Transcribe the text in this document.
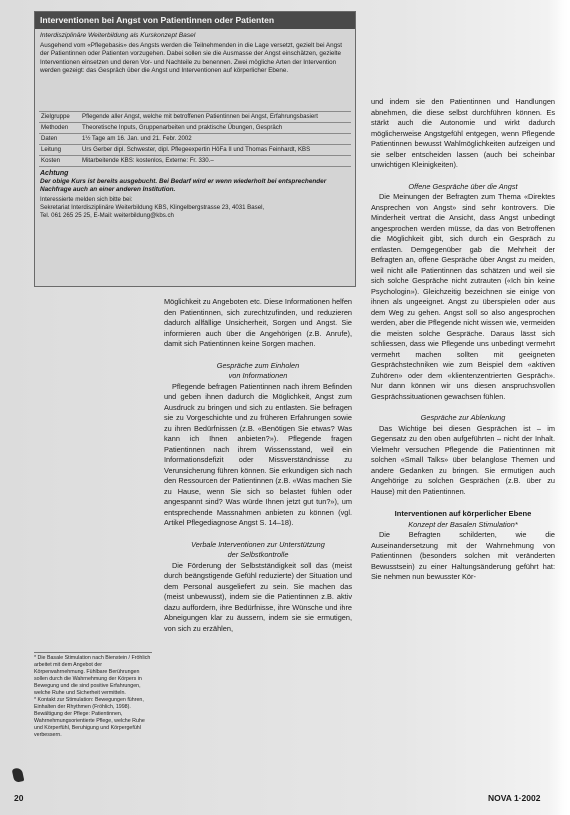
Interventionen bei Angst von Patientinnen oder Patienten
Interdisziplinäre Weiterbildung als Kurskonzept Basel
Ausgehend vom «Pflegebasis» des Angsts werden die Teilnehmenden in die Lage versetzt, gezielt bei Angst der Patientinnen oder Patienten vorzugehen. Dabei sollen sie die Ausmasse der Angst einschätzen, gezielte Interventionen einsetzen und deren Vor- und Nachteile zu benennen. Zwei mögliche Arten der Intervention werden gezeigt: das Gespräch über die Angst und Interventionen auf körperlicher Ebene.
Zielgruppe	Pflegende aller Angst, welche mit betroffenen Patientinnen bei Angst, Erfahrungsbasiert
Methoden	Theoretische Inputs, Gruppenarbeiten und praktische Übungen, Gespräch
Daten	1½ Tage am 16. Jan. und 21. Febr. 2002
Leitung	Urs Gerber dipl. Schwester, dipl. Pflegeexpertin HöFa II und Thomas Feinhardt, KBS
Kosten	Mitarbeitende KBS: kostenlos, Externe: Fr. 330.–
Achtung
Der obige Kurs ist bereits ausgebucht. Bei Bedarf wird er wenn wiederholt bei entsprechender Nachfrage auch an einer anderen Institution.
Interessierte melden sich bitte bei:
Sekretariat Interdisziplinäre Weiterbildung KBS, Klingelbergstrasse 23, 4031 Basel,
Tel. 061 265 25 25, E-Mail: weiterbildung@kbs.ch

Möglichkeit zu Angeboten etc. Diese Informationen helfen den Patientinnen, sich zurechtzufinden, und reduzieren dadurch allfällige Unsicherheit, Sorgen und Angst. Sie informieren auch über die Angehörigen (z.B. Anrufe), damit sich Patientinnen keine Sorgen machen.

Gespräche zum Einholen

von Informationen

Pflegende befragen Patientinnen nach ihrem Befinden und geben ihnen dadurch die Möglichkeit, Angst zum Ausdruck zu bringen und sich zu entlasten. Sie befragen sie zu Vorgeschichte und zu früheren Erfahrungen sowie zu ihren Bedürfnissen (z.B. «Benötigen Sie etwas? Was kann ich Ihnen anbieten?»). Pflegende fragen Patientinnen nach ihrem Wissensstand, weil ein Informationsdefizit oder Missverständnisse zu Verunsicherung führen können. Sie erkundigen sich nach den Ressourcen der Patientinnen (z.B. «Was machen Sie zu Hause, wenn Sie sich so belastet fühlen oder angespannt sind? Was würde Ihnen jetzt gut tun?»), um entsprechende Massnahmen anbieten zu können (vgl. Artikel Pflegediagnose Angst S. 14–18).

Verbale Interventionen zur Unterstützung

der Selbstkontrolle

Die Förderung der Selbstständigkeit soll das (meist durch beängstigende Gefühl reduzierte) der Situation und dem Personal ausgeliefert zu sein. Sie machen das (meist unbewusst), indem sie die Patientinnen z.B. aktiv dazu auffordern, ihre Bedürfnisse, ihre Wünsche und ihre Abneigungen klar zu äussern, indem sie sie ermutigen, von sich zu erzählen,

und indem sie den Patientinnen und Handlungen abnehmen, die diese selbst durchführen können. Es stärkt auch die Autonomie und wirkt dadurch möglicherweise Angstgefühl entgegen, wenn Pflegende Patientinnen bewusst Wahlmöglichkeiten aufzeigen und sie selber entscheiden lassen (auch bei scheinbar unwichtigen Kleinigkeiten).

Offene Gespräche über die Angst

Die Meinungen der Befragten zum Thema «Direktes Ansprechen von Angst» sind sehr kontrovers. Die Minderheit vertrat die Ansicht, dass Angst unbedingt angesprochen werden müsse, da das von Betroffenen die Möglichkeit gibt, sich durch ein Gespräch zu entlasten. Demgegenüber gab die Mehrheit der Befragten an, offene Gespräche über Angst zu meiden, weil nicht alle Patientinnen das schätzen und weil sie sich solche Gespräche nicht zutrauten («Ich bin keine Psychologin»). Gleichzeitig bezeichnen sie einige von ihnen als ungeeignet. Angst zu überspielen oder aus dem Weg zu gehen. Angst soll so also angesprochen werden, aber die Pflegende nicht wissen wie, vermeiden die meisten solche Gespräche. Daraus lässt sich schliessen, dass wie Pflegende uns unbedingt vermehrt vermehrt machen sollten mit geeigneten Gesprächstechniken wie zum Beispiel dem «aktiven Zuhören» oder dem «klientenzentrierten Gespräch». Nur dann können wir uns diesen anspruchsvollen Gesprächssituationen gewachsen fühlen.

Gespräche zur Ablenkung

Das Wichtige bei diesen Gesprächen ist – im Gegensatz zu den oben aufgeführten – nicht der Inhalt. Vielmehr versuchen Pflegende die Patientinnen mit solchen «Small Talks» über belanglose Themen und andere Gedanken zu bringen. Sie ermutigen auch Angehörige zu solchen Gesprächen (z.B. über zu Hause) mit den Patientinnen.

Interventionen auf körperlicher Ebene

Konzept der Basalen Stimulation*

Die Befragten schilderten, wie die Auseinandersetzung mit der Wahrnehmung von Patientinnen (besonders solchen mit veränderten Bewusstsein) zu einer Haltungsänderung geführt hat: Sie nehmen nun bewusster Kör-

* Die Basale Stimulation nach Bienstein / Fröhlich arbeitet mit dem Angebot der Körperwahrnehmung. Fühlbare Berührungen sollen durch die Wahrnehmung der Körpers in Bewegung und die sind positive Erfahrungen, welche Ruhe und Sicherheit vermitteln.

* Kontakt zur Stimulation: Bewegungen führen, Einhalten der Rhythmen (Fröhlich, 1998). Bewältigung der Pflege: Patientinnen, Wahrnehmungsorientierte Pflege, welche Ruhe und Körperfühl, Beruhigung und Körpergefühl verbessern.

20	NOVA 1·2002
